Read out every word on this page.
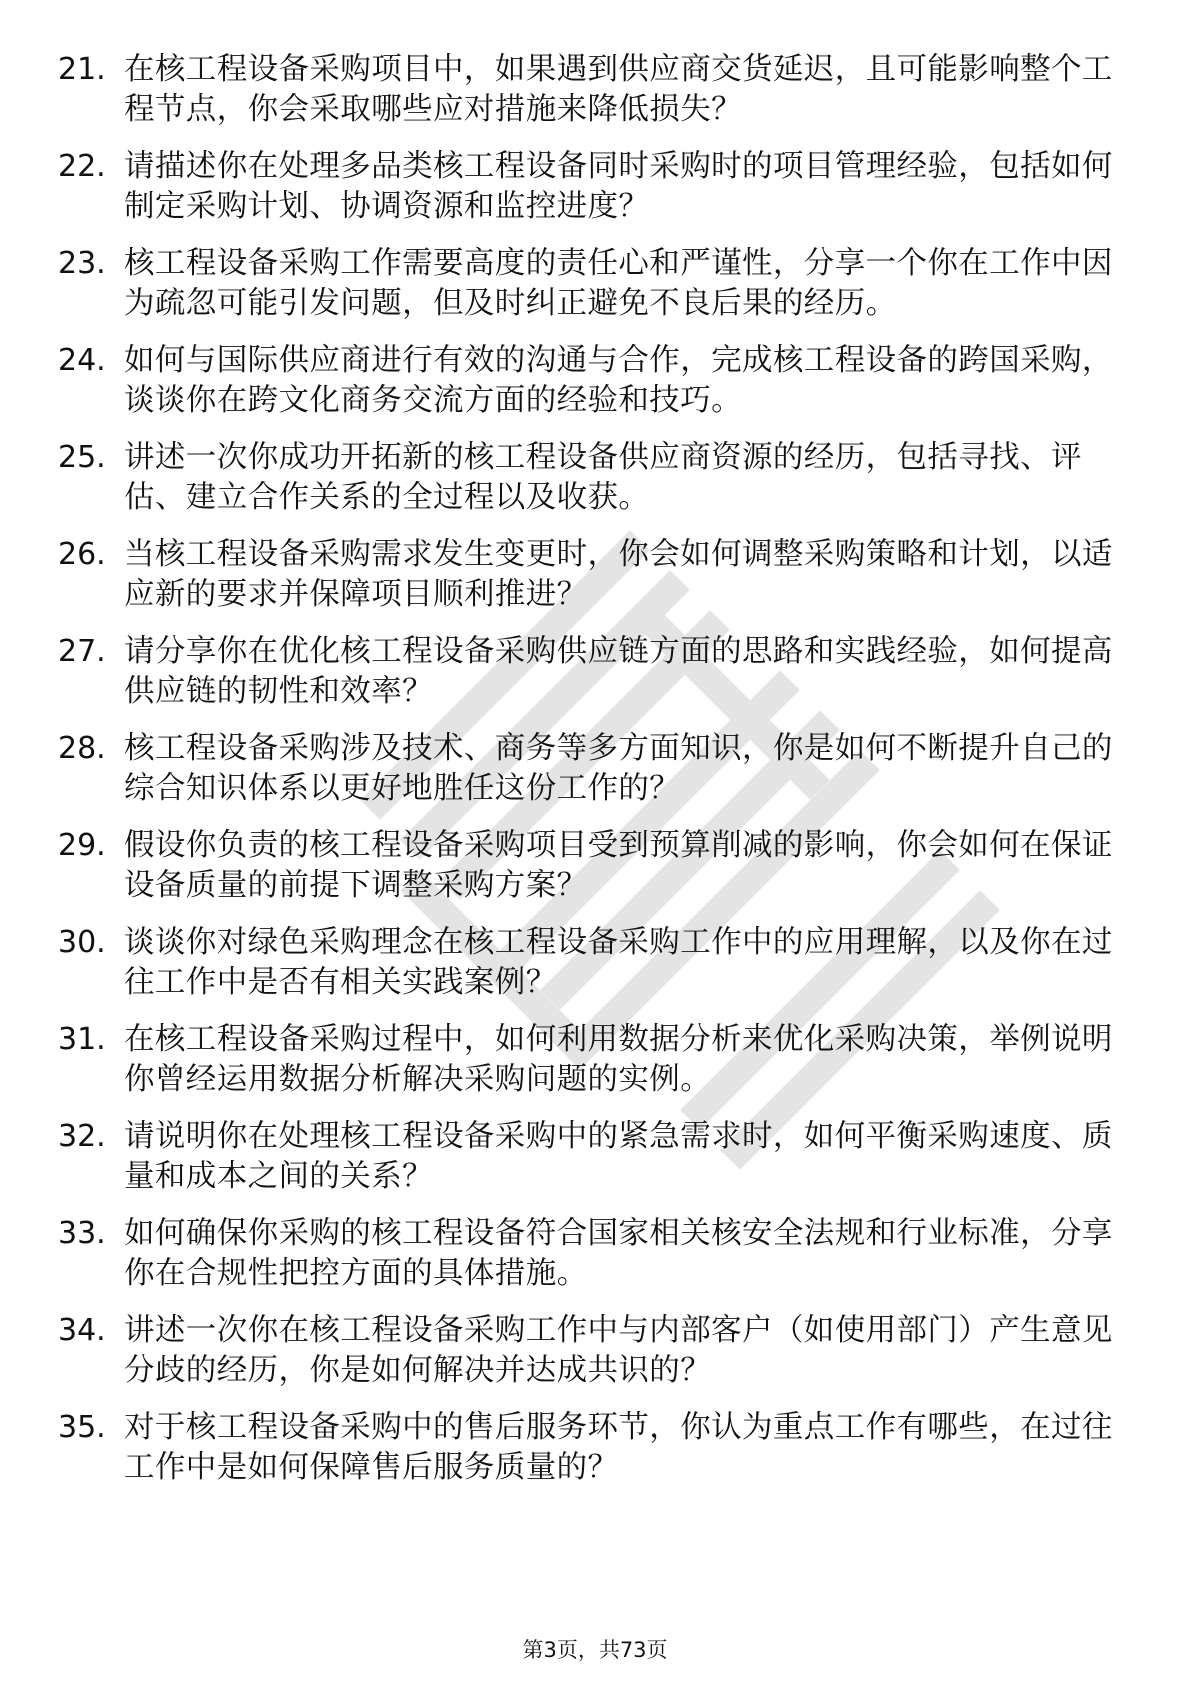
21. 在核工程设备采购项目中，如果遇到供应商交货延迟，且可能影响整个工程节点，你会采取哪些应对措施来降低损失？
22. 请描述你在处理多品类核工程设备同时采购时的项目管理经验，包括如何制定采购计划、协调资源和监控进度？
23. 核工程设备采购工作需要高度的责任心和严谨性，分享一个你在工作中因为疏忽可能引发问题，但及时纠正避免不良后果的经历。
24. 如何与国际供应商进行有效的沟通与合作，完成核工程设备的跨国采购，谈谈你在跨文化商务交流方面的经验和技巧。
25. 讲述一次你成功开拓新的核工程设备供应商资源的经历，包括寻找、评估、建立合作关系的全过程以及收获。
26. 当核工程设备采购需求发生变更时，你会如何调整采购策略和计划，以适应新的要求并保障项目顺利推进？
27. 请分享你在优化核工程设备采购供应链方面的思路和实践经验，如何提高供应链的韧性和效率？
28. 核工程设备采购涉及技术、商务等多方面知识，你是如何不断提升自己的综合知识体系以更好地胜任这份工作的？
29. 假设你负责的核工程设备采购项目受到预算削减的影响，你会如何在保证设备质量的前提下调整采购方案？
30. 谈谈你对绿色采购理念在核工程设备采购工作中的应用理解，以及你在过往工作中是否有相关实践案例？
31. 在核工程设备采购过程中，如何利用数据分析来优化采购决策，举例说明你曾经运用数据分析解决采购问题的实例。
32. 请说明你在处理核工程设备采购中的紧急需求时，如何平衡采购速度、质量和成本之间的关系？
33. 如何确保你采购的核工程设备符合国家相关核安全法规和行业标准，分享你在合规性把控方面的具体措施。
34. 讲述一次你在核工程设备采购工作中与内部客户（如使用部门）产生意见分歧的经历，你是如何解决并达成共识的？
35. 对于核工程设备采购中的售后服务环节，你认为重点工作有哪些，在过往工作中是如何保障售后服务质量的？
第3页，共73页
